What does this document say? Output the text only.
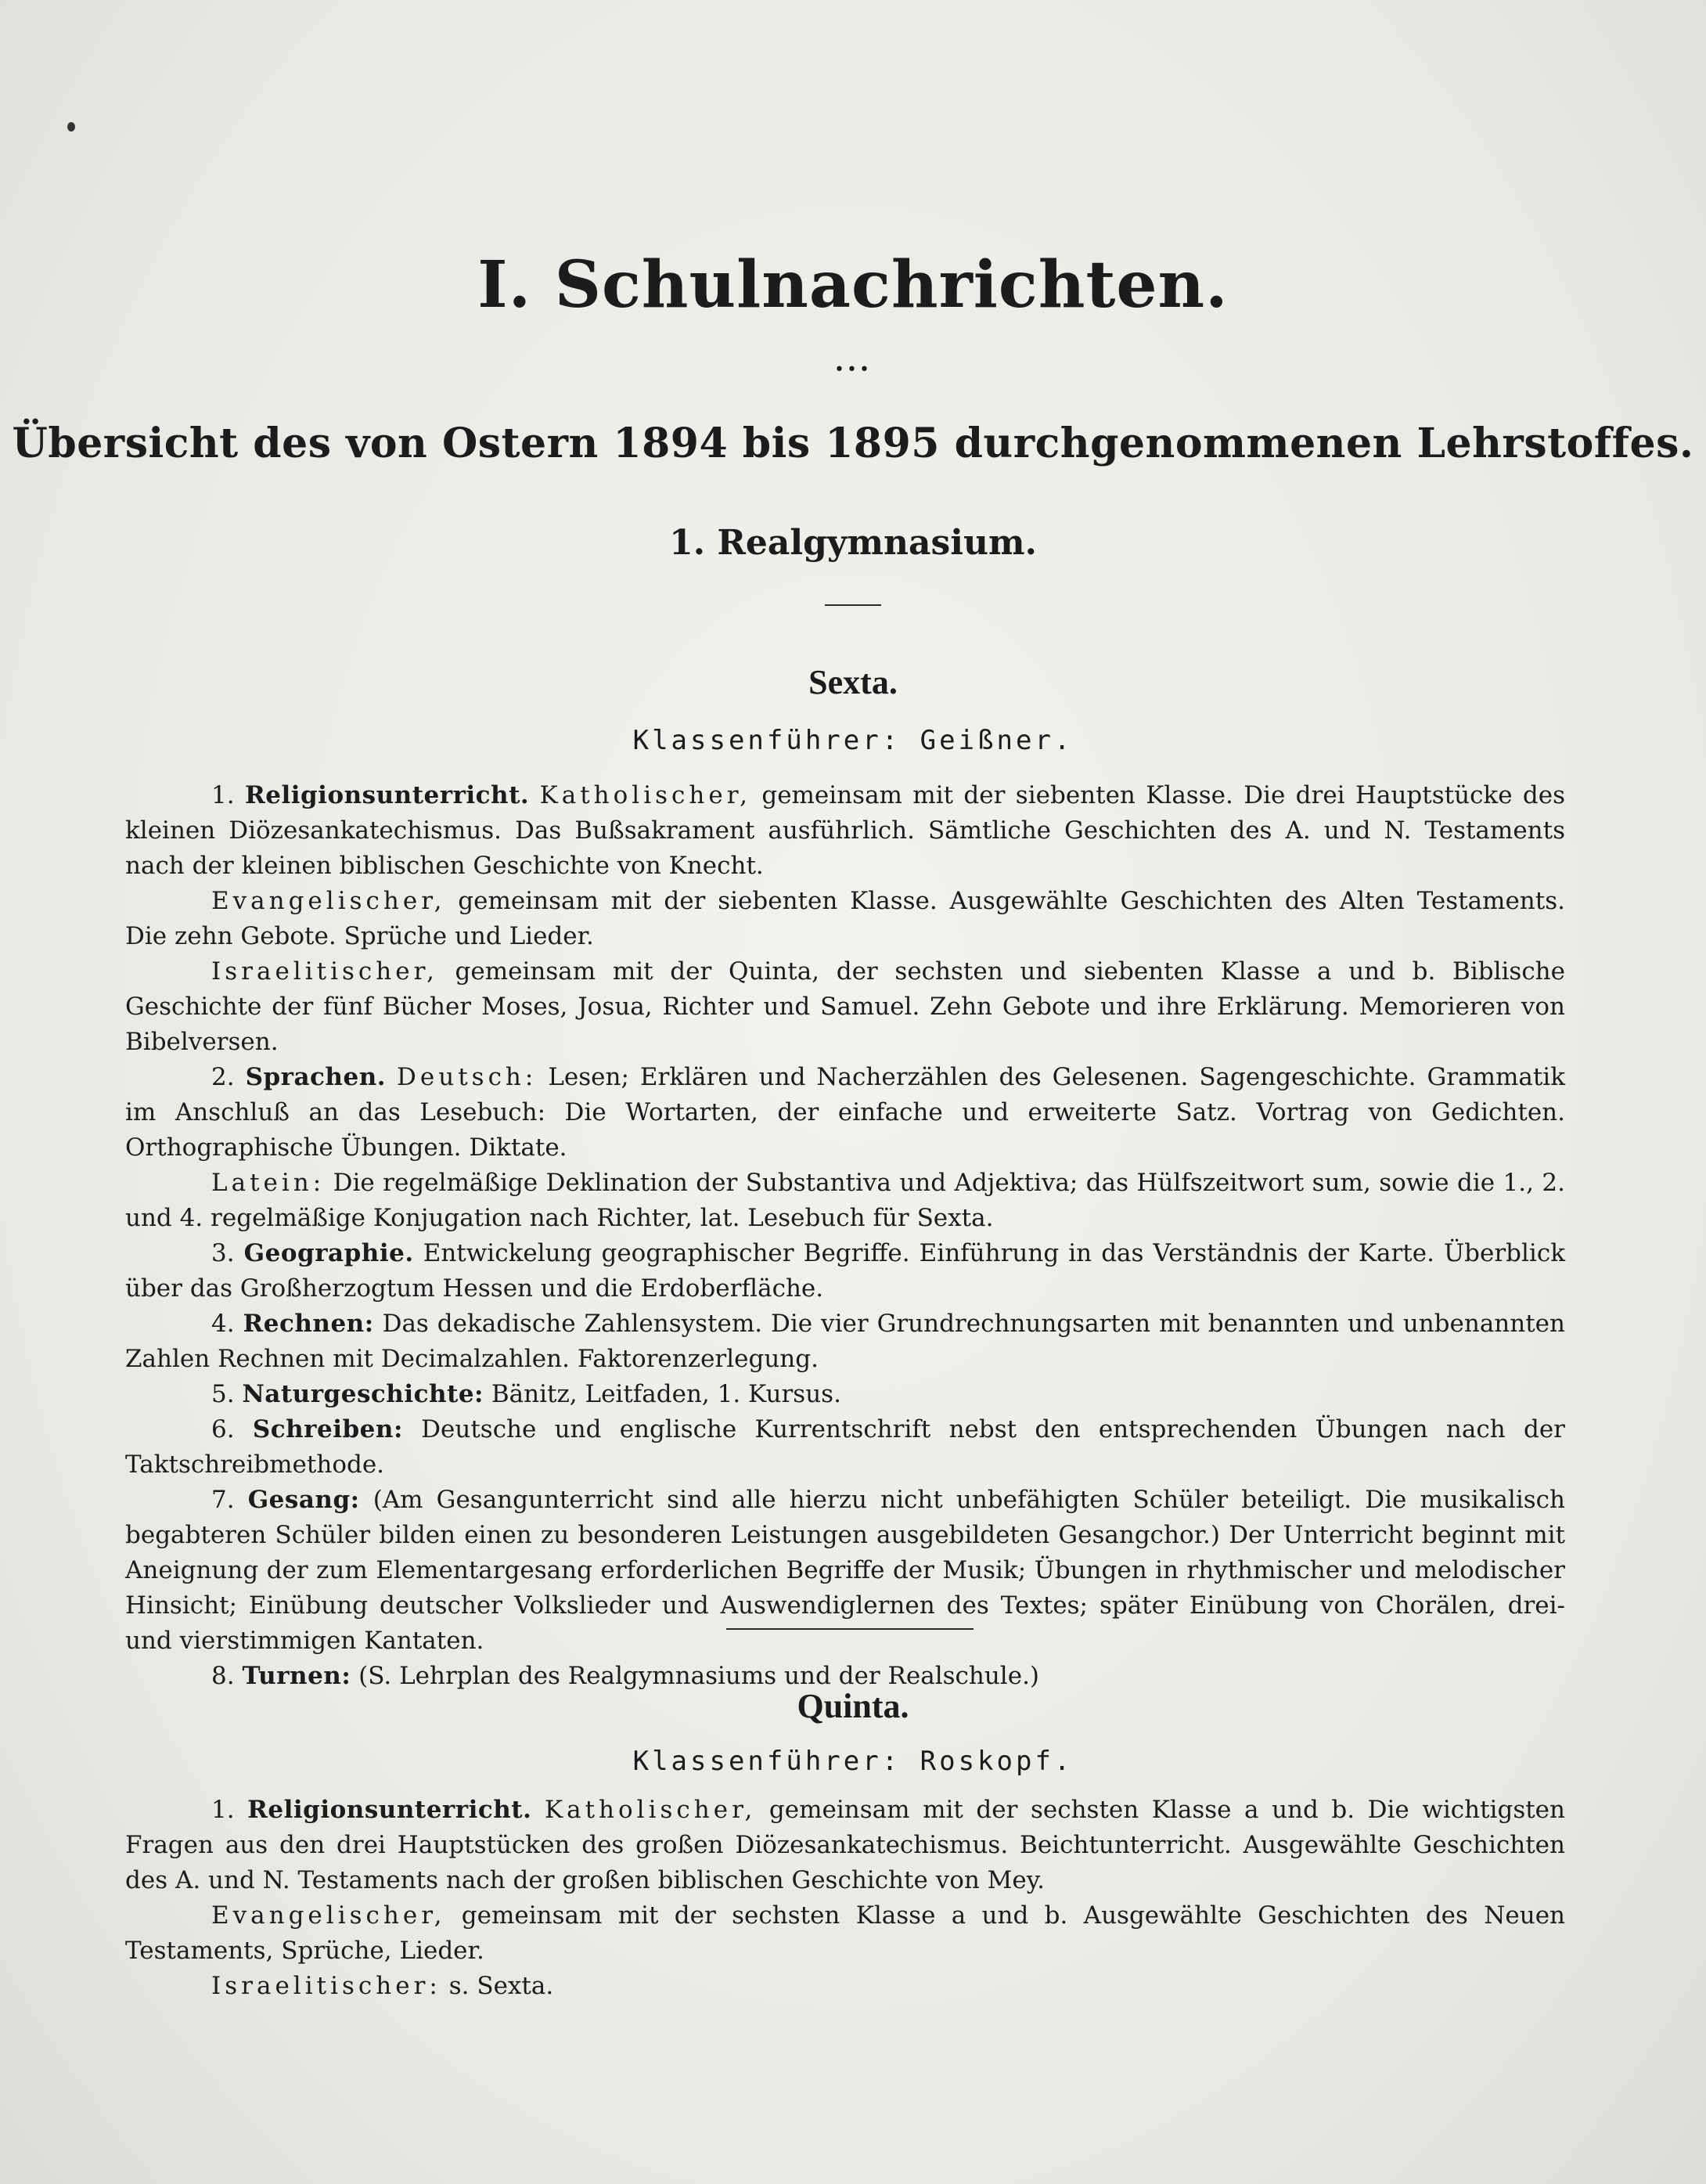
I. Schulnachrichten.
•••
Übersicht des von Ostern 1894 bis 1895 durchgenommenen Lehrstoffes.
1. Realgymnasium.
Sexta.
Klassenführer: Geißner.

1. Religionsunterricht. Katholischer, gemeinsam mit der siebenten Klasse. Die drei Hauptstücke des kleinen Diözesankatechismus. Das Bußsakrament ausführlich. Sämtliche Geschichten des A. und N. Testaments nach der kleinen biblischen Geschichte von Knecht.

Evangelischer, gemeinsam mit der siebenten Klasse. Ausgewählte Geschichten des Alten Testaments. Die zehn Gebote. Sprüche und Lieder.

Israelitischer, gemeinsam mit der Quinta, der sechsten und siebenten Klasse a und b. Biblische Geschichte der fünf Bücher Moses, Josua, Richter und Samuel. Zehn Gebote und ihre Erklärung. Memorieren von Bibelversen.

2. Sprachen. Deutsch: Lesen; Erklären und Nacherzählen des Gelesenen. Sagengeschichte. Grammatik im Anschluß an das Lesebuch: Die Wortarten, der einfache und erweiterte Satz. Vortrag von Gedichten. Orthographische Übungen. Diktate.

Latein: Die regelmäßige Deklination der Substantiva und Adjektiva; das Hülfszeitwort sum, sowie die 1., 2. und 4. regelmäßige Konjugation nach Richter, lat. Lesebuch für Sexta.

3. Geographie. Entwickelung geographischer Begriffe. Einführung in das Verständnis der Karte. Überblick über das Großherzogtum Hessen und die Erdoberfläche.

4. Rechnen: Das dekadische Zahlensystem. Die vier Grundrechnungsarten mit benannten und unbenannten Zahlen Rechnen mit Decimalzahlen. Faktorenzerlegung.

5. Naturgeschichte: Bänitz, Leitfaden, 1. Kursus.

6. Schreiben: Deutsche und englische Kurrentschrift nebst den entsprechenden Übungen nach der Taktschreibmethode.

7. Gesang: (Am Gesangunterricht sind alle hierzu nicht unbefähigten Schüler beteiligt. Die musikalisch begabteren Schüler bilden einen zu besonderen Leistungen ausgebildeten Gesangchor.) Der Unterricht beginnt mit Aneignung der zum Elementargesang erforderlichen Begriffe der Musik; Übungen in rhythmischer und melodischer Hinsicht; Einübung deutscher Volkslieder und Auswendiglernen des Textes; später Einübung von Chorälen, drei- und vierstimmigen Kantaten.

8. Turnen: (S. Lehrplan des Realgymnasiums und der Realschule.)

Quinta.
Klassenführer: Roskopf.

1. Religionsunterricht. Katholischer, gemeinsam mit der sechsten Klasse a und b. Die wichtigsten Fragen aus den drei Hauptstücken des großen Diözesankatechismus. Beichtunterricht. Ausgewählte Geschichten des A. und N. Testaments nach der großen biblischen Geschichte von Mey.

Evangelischer, gemeinsam mit der sechsten Klasse a und b. Ausgewählte Geschichten des Neuen Testaments, Sprüche, Lieder.

Israelitischer: s. Sexta.
